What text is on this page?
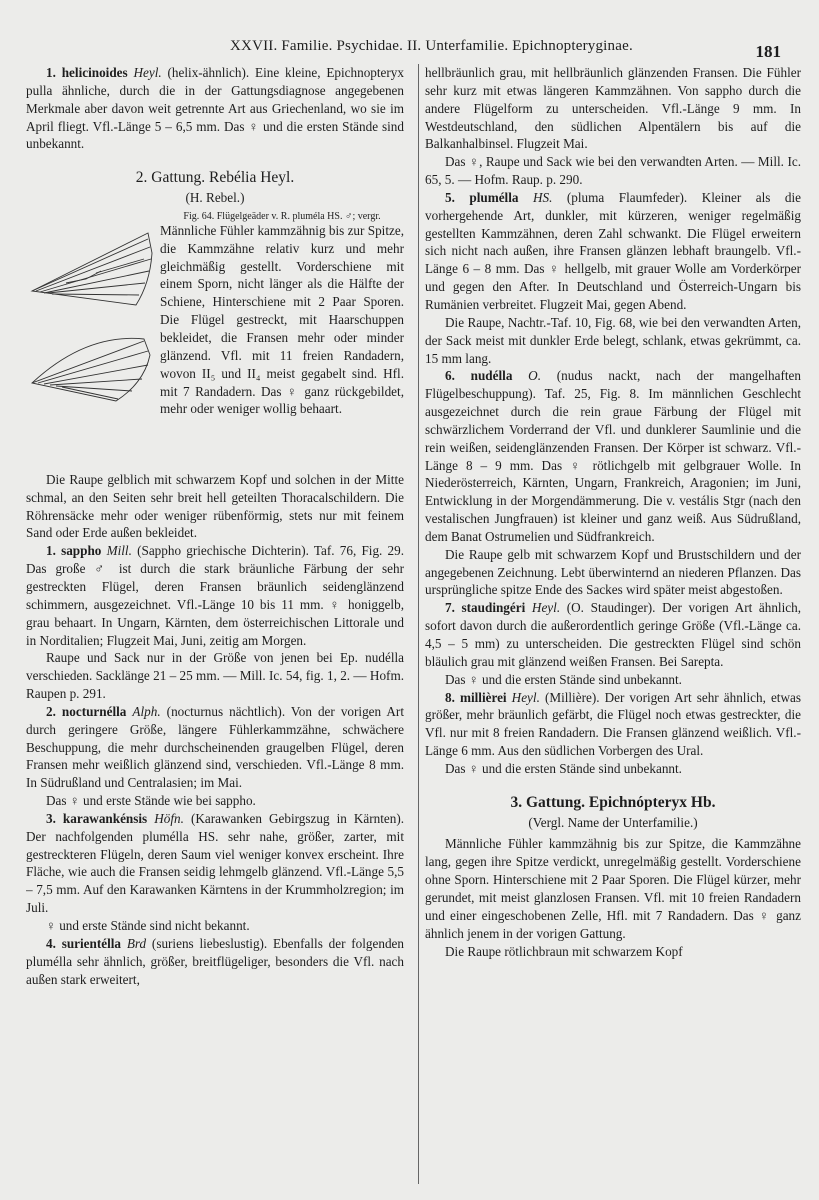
XXVII. Familie. Psychidae. II. Unterfamilie. Epichnopteryginae.	181

1. helicinoides Heyl. (helix-ähnlich). Eine kleine, Epichnopteryx pulla ähnliche, durch die in der Gattungsdiagnose angegebenen Merkmale aber davon weit getrennte Art aus Griechenland, wo sie im April fliegt. Vfl.-Länge 5 – 6,5 mm. Das ♀ und die ersten Stände sind unbekannt.

2. Gattung. Rebélia Heyl.
(H. Rebel.)

Fig. 64. Flügelgeäder v. R. pluméla HS. ♂; vergr.
Männliche Fühler kammzähnig bis zur Spitze, die Kammzähne relativ kurz und mehr gleichmäßig gestellt. Vorderschiene mit einem Sporn, nicht länger als die Hälfte der Schiene, Hinterschiene mit 2 Paar Sporen. Die Flügel gestreckt, mit Haarschuppen bekleidet, die Fransen mehr oder minder glänzend. Vfl. mit 11 freien Randadern, wovon II₅ und II₄ meist gegabelt sind. Hfl. mit 7 Randadern. Das ♀ ganz rückgebildet, mehr oder weniger wollig behaart.

Die Raupe gelblich mit schwarzem Kopf und solchen in der Mitte schmal, an den Seiten sehr breit hell geteilten Thoracalschildern. Die Röhrensäcke mehr oder weniger rübenförmig, stets nur mit feinem Sand oder Erde außen bekleidet.

1. sappho Mill. (Sappho griechische Dichterin). Taf. 76, Fig. 29. Das große ♂ ist durch die stark bräunliche Färbung der sehr gestreckten Flügel, deren Fransen bräunlich seidenglänzend schimmern, ausgezeichnet. Vfl.-Länge 10 bis 11 mm. ♀ honiggelb, grau behaart. In Ungarn, Kärnten, dem österreichischen Littorale und in Norditalien; Flugzeit Mai, Juni, zeitig am Morgen.

Raupe und Sack nur in der Größe von jenen bei Ep. nudélla verschieden. Sacklänge 21 – 25 mm. — Mill. Ic. 54, fig. 1, 2. — Hofm. Raupen p. 291.

2. nocturnélla Alph. (nocturnus nächtlich). Von der vorigen Art durch geringere Größe, längere Fühlerkammzähne, schwächere Beschuppung, die mehr durchscheinenden graugelben Flügel, deren Fransen mehr weißlich glänzend sind, verschieden. Vfl.-Länge 8 mm. In Südrußland und Centralasien; im Mai.

Das ♀ und erste Stände wie bei sappho.

3. karawankénsis Höfn. (Karawanken Gebirgszug in Kärnten). Der nachfolgenden plumélla HS. sehr nahe, größer, zarter, mit gestreckteren Flügeln, deren Saum viel weniger konvex erscheint. Ihre Fläche, wie auch die Fransen seidig lehmgelb glänzend. Vfl.-Länge 5,5 – 7,5 mm. Auf den Karawanken Kärntens in der Krummholzregion; im Juli.

♀ und erste Stände sind nicht bekannt.

4. surientélla Brd (suriens liebeslustig). Ebenfalls der folgenden plumélla sehr ähnlich, größer, breitflügeliger, besonders die Vfl. nach außen stark erweitert,

hellbräunlich grau, mit hellbräunlich glänzenden Fransen. Die Fühler sehr kurz mit etwas längeren Kammzähnen. Von sappho durch die andere Flügelform zu unterscheiden. Vfl.-Länge 9 mm. In Westdeutschland, den südlichen Alpentälern bis auf die Balkanhalbinsel. Flugzeit Mai.

Das ♀, Raupe und Sack wie bei den verwandten Arten. — Mill. Ic. 65, 5. — Hofm. Raup. p. 290.

5. plumélla HS. (pluma Flaumfeder). Kleiner als die vorhergehende Art, dunkler, mit kürzeren, weniger regelmäßig gestellten Kammzähnen, deren Zahl schwankt. Die Flügel erweitern sich nicht nach außen, ihre Fransen glänzen lebhaft braungelb. Vfl.-Länge 6 – 8 mm. Das ♀ hellgelb, mit grauer Wolle am Vorderkörper und gegen den After. In Deutschland und Österreich-Ungarn bis Rumänien verbreitet. Flugzeit Mai, gegen Abend.

Die Raupe, Nachtr.-Taf. 10, Fig. 68, wie bei den verwandten Arten, der Sack meist mit dunkler Erde belegt, schlank, etwas gekrümmt, ca. 15 mm lang.

6. nudélla O. (nudus nackt, nach der mangelhaften Flügelbeschuppung). Taf. 25, Fig. 8. Im männlichen Geschlecht ausgezeichnet durch die rein graue Färbung der Flügel mit schwärzlichem Vorderrand der Vfl. und dunklerer Saumlinie und die rein weißen, seidenglänzenden Fransen. Der Körper ist schwarz. Vfl.-Länge 8 – 9 mm. Das ♀ rötlichgelb mit gelbgrauer Wolle. In Niederösterreich, Kärnten, Ungarn, Frankreich, Aragonien; im Juni, Entwicklung in der Morgendämmerung. Die v. vestális Stgr (nach den vestalischen Jungfrauen) ist kleiner und ganz weiß. Aus Südrußland, dem Banat Ostrumelien und Südfrankreich.

Die Raupe gelb mit schwarzem Kopf und Brustschildern und der angegebenen Zeichnung. Lebt überwinternd an niederen Pflanzen. Das ursprüngliche spitze Ende des Sackes wird später meist abgestoßen.

7. staudingéri Heyl. (O. Staudinger). Der vorigen Art ähnlich, sofort davon durch die außerordentlich geringe Größe (Vfl.-Länge ca. 4,5 – 5 mm) zu unterscheiden. Die gestreckten Flügel sind schön bläulich grau mit glänzend weißen Fransen. Bei Sarepta.

Das ♀ und die ersten Stände sind unbekannt.

8. millièrei Heyl. (Millière). Der vorigen Art sehr ähnlich, etwas größer, mehr bräunlich gefärbt, die Flügel noch etwas gestreckter, die Vfl. nur mit 8 freien Randadern. Die Fransen glänzend weißlich. Vfl.-Länge 6 mm. Aus den südlichen Vorbergen des Ural.

Das ♀ und die ersten Stände sind unbekannt.

3. Gattung. Epichnópteryx Hb.
(Vergl. Name der Unterfamilie.)

Männliche Fühler kammzähnig bis zur Spitze, die Kammzähne lang, gegen ihre Spitze verdickt, unregelmäßig gestellt. Vorderschiene ohne Sporn. Hinterschiene mit 2 Paar Sporen. Die Flügel kürzer, mehr gerundet, mit meist glanzlosen Fransen. Vfl. mit 10 freien Randadern und einer eingeschobenen Zelle, Hfl. mit 7 Randadern. Das ♀ ganz ähnlich jenem in der vorigen Gattung.

Die Raupe rötlichbraun mit schwarzem Kopf
